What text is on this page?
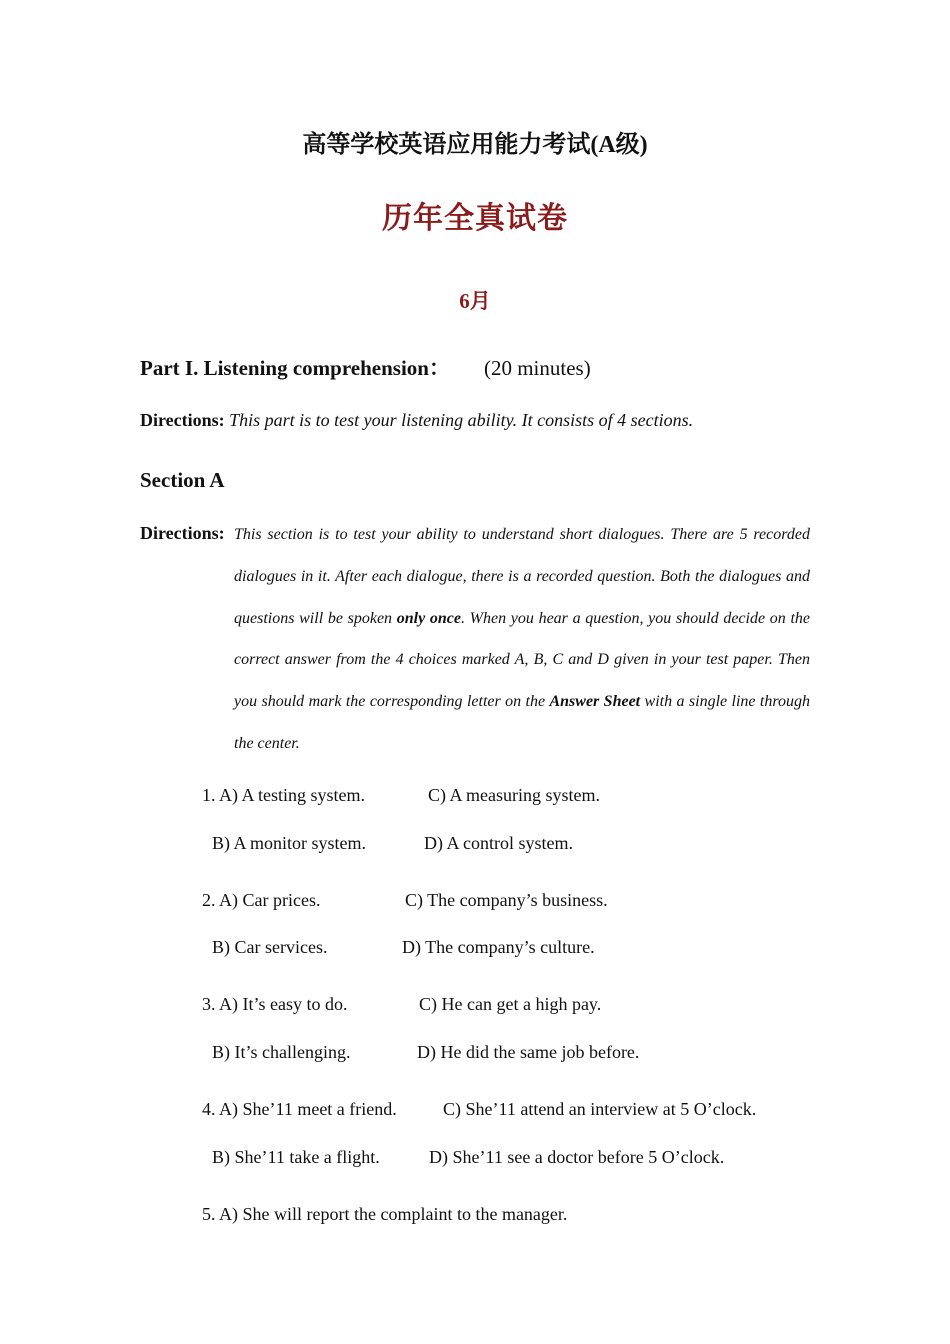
高等学校英语应用能力考试(A级)
历年全真试卷
6月
Part I. Listening comprehension： (20 minutes)
Directions: This part is to test your listening ability. It consists of 4 sections.
Section A
Directions: This section is to test your ability to understand short dialogues. There are 5 recorded dialogues in it. After each dialogue, there is a recorded question. Both the dialogues and questions will be spoken only once. When you hear a question, you should decide on the correct answer from the 4 choices marked A, B, C and D given in your test paper. Then you should mark the corresponding letter on the Answer Sheet with a single line through the center.
1. A) A testing system.	C) A measuring system.
B) A monitor system.	D) A control system.
2. A) Car prices.	C) The company’s business.
B) Car services.	D) The company’s culture.
3. A) It’s easy to do.	C) He can get a high pay.
B) It’s challenging.	D) He did the same job before.
4. A) She’11 meet a friend.	C) She’11 attend an interview at 5 O’clock.
B) She’11 take a flight.	D) She’11 see a doctor before 5 O’clock.
5. A) She will report the complaint to the manager.
